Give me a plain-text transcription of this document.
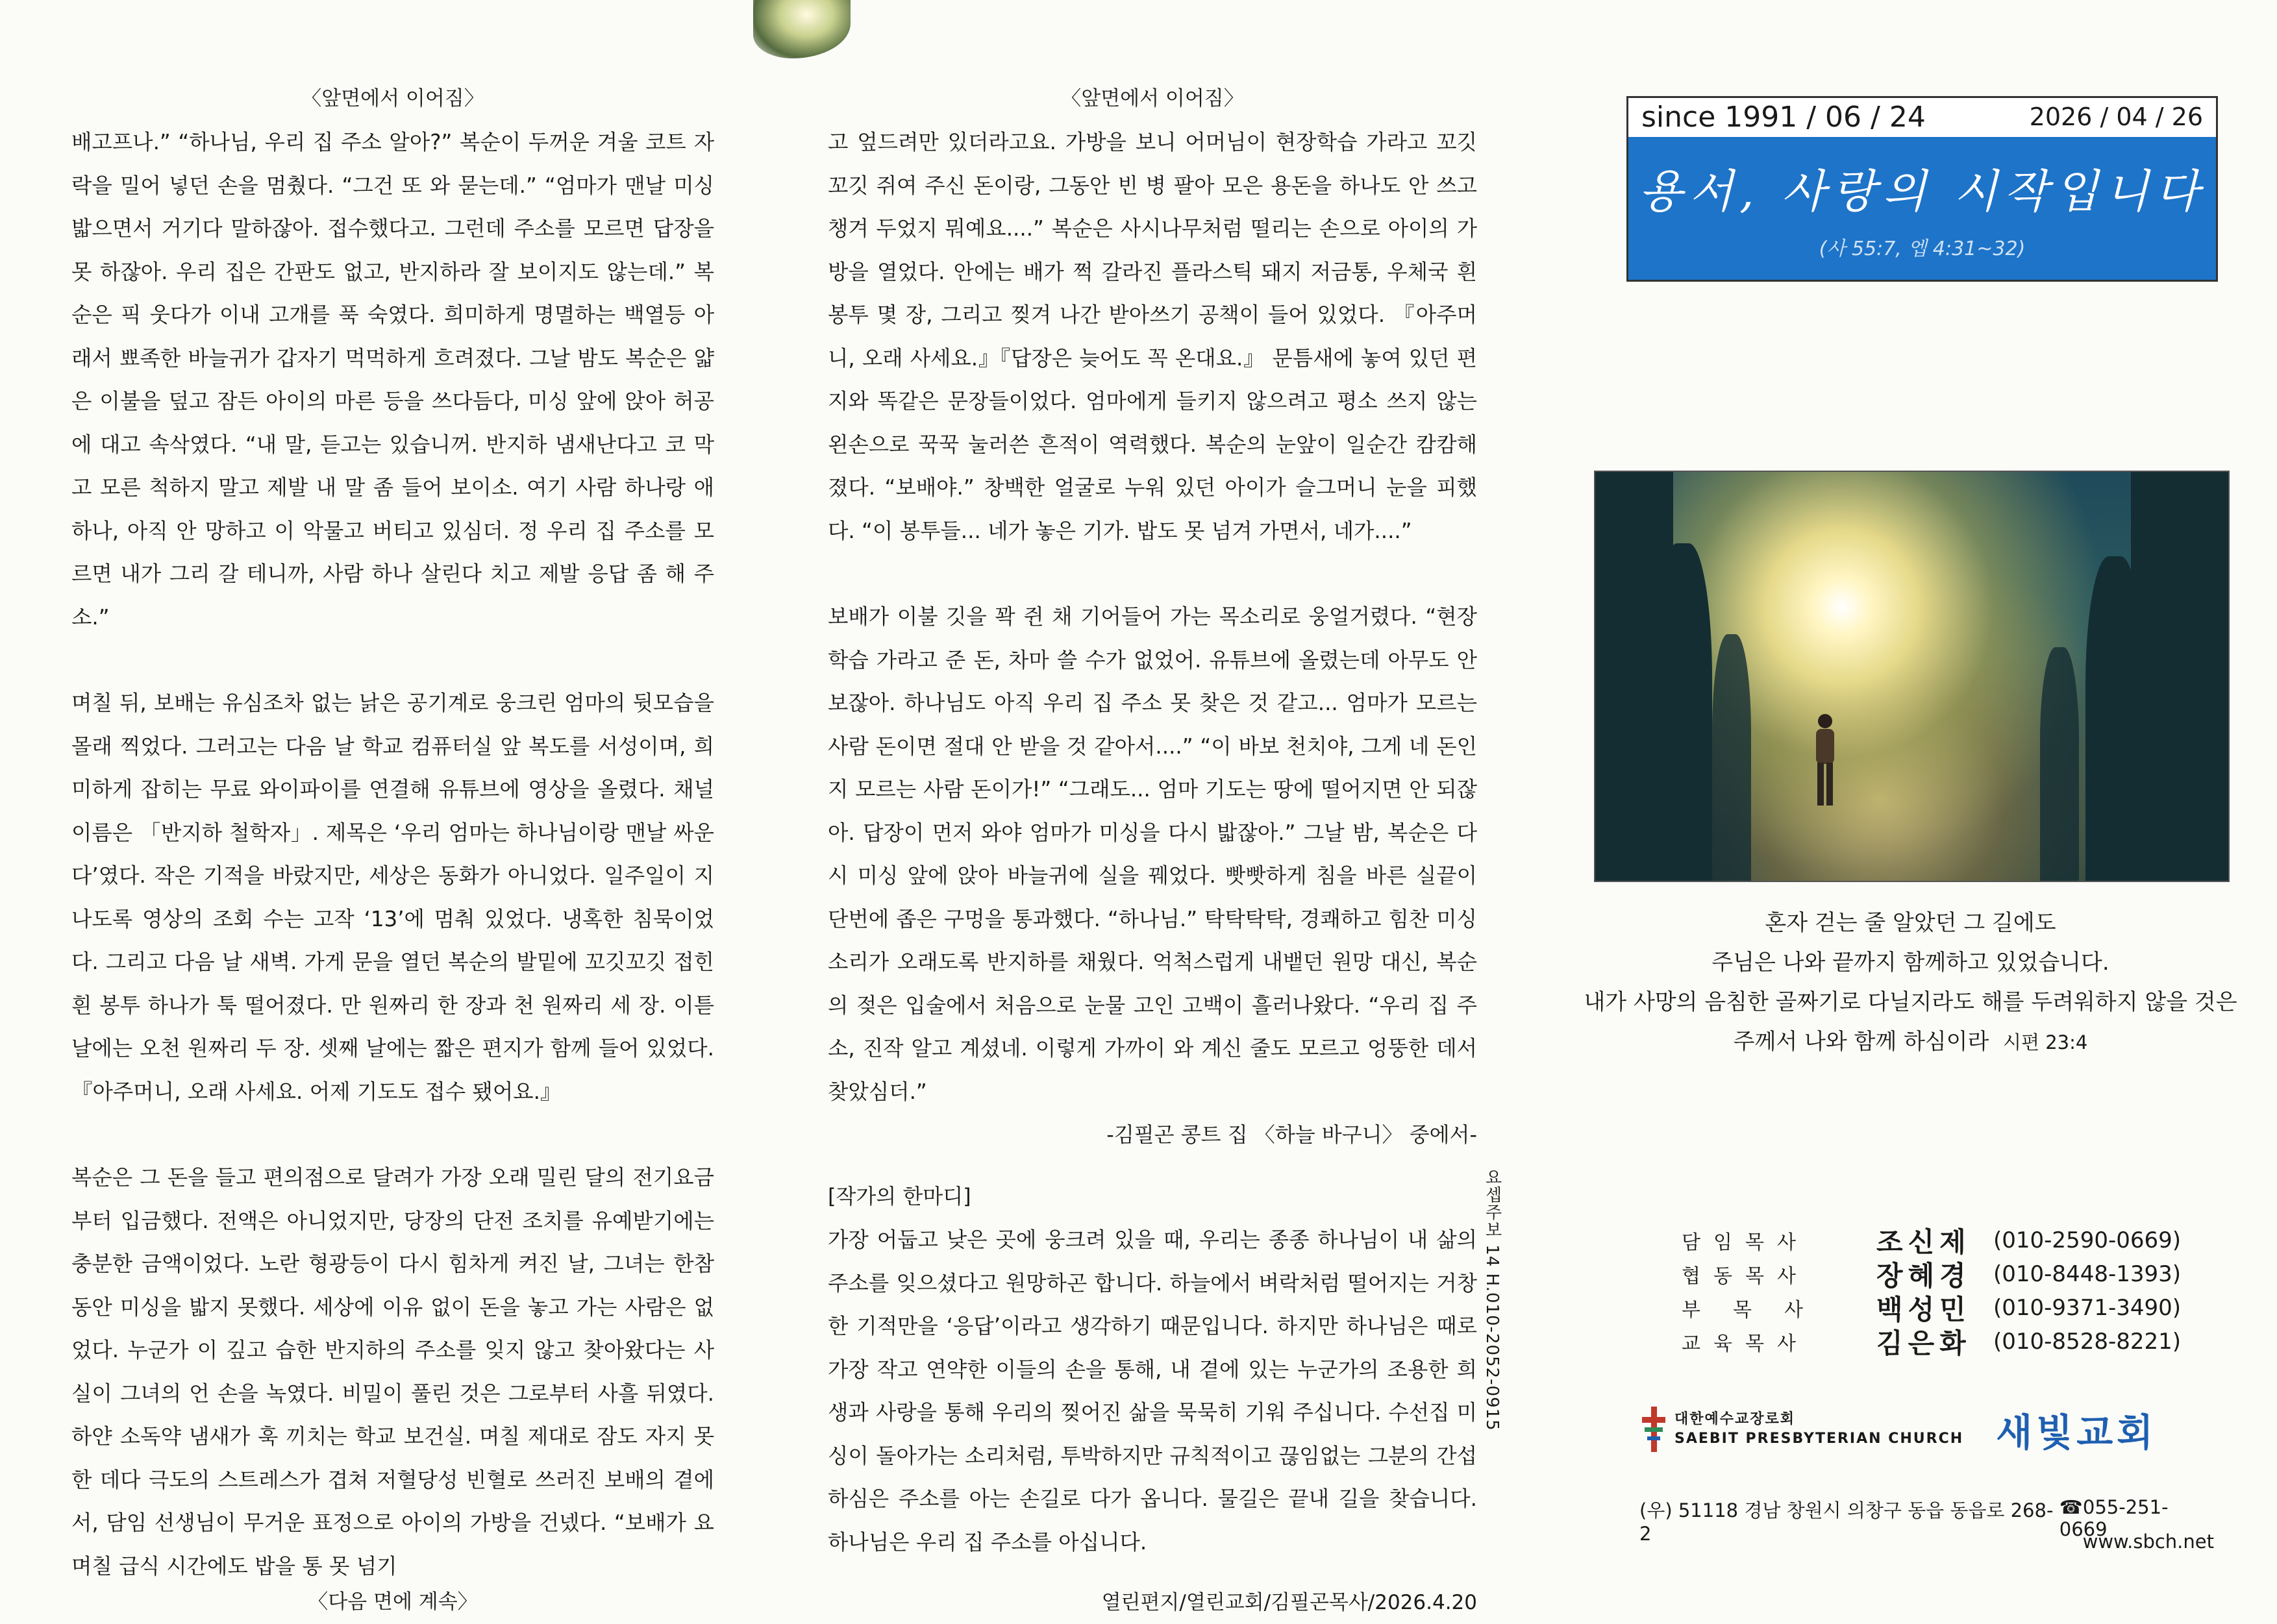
〈앞면에서 이어짐〉

배고프나.” “하나님, 우리 집 주소 알아?” 복순이 두꺼운 겨울 코트 자락을 밀어 넣던 손을 멈췄다. “그건 또 와 묻는데.” “엄마가 맨날 미싱 밟으면서 거기다 말하잖아. 접수했다고. 그런데 주소를 모르면 답장을 못 하잖아. 우리 집은 간판도 없고, 반지하라 잘 보이지도 않는데.” 복순은 픽 웃다가 이내 고개를 푹 숙였다. 희미하게 명멸하는 백열등 아래서 뾰족한 바늘귀가 갑자기 먹먹하게 흐려졌다. 그날 밤도 복순은 얇은 이불을 덮고 잠든 아이의 마른 등을 쓰다듬다, 미싱 앞에 앉아 허공에 대고 속삭였다. “내 말, 듣고는 있습니꺼. 반지하 냄새난다고 코 막고 모른 척하지 말고 제발 내 말 좀 들어 보이소. 여기 사람 하나랑 애 하나, 아직 안 망하고 이 악물고 버티고 있심더. 정 우리 집 주소를 모르면 내가 그리 갈 테니까, 사람 하나 살린다 치고 제발 응답 좀 해 주소.”

며칠 뒤, 보배는 유심조차 없는 낡은 공기계로 웅크린 엄마의 뒷모습을 몰래 찍었다. 그러고는 다음 날 학교 컴퓨터실 앞 복도를 서성이며, 희미하게 잡히는 무료 와이파이를 연결해 유튜브에 영상을 올렸다. 채널 이름은 「반지하 철학자」. 제목은 ‘우리 엄마는 하나님이랑 맨날 싸운다’였다. 작은 기적을 바랐지만, 세상은 동화가 아니었다. 일주일이 지나도록 영상의 조회 수는 고작 ‘13’에 멈춰 있었다. 냉혹한 침묵이었다. 그리고 다음 날 새벽. 가게 문을 열던 복순의 발밑에 꼬깃꼬깃 접힌 흰 봉투 하나가 툭 떨어졌다. 만 원짜리 한 장과 천 원짜리 세 장. 이튿날에는 오천 원짜리 두 장. 셋째 날에는 짧은 편지가 함께 들어 있었다. 『아주머니, 오래 사세요. 어제 기도도 접수 됐어요.』

복순은 그 돈을 들고 편의점으로 달려가 가장 오래 밀린 달의 전기요금부터 입금했다. 전액은 아니었지만, 당장의 단전 조치를 유예받기에는 충분한 금액이었다. 노란 형광등이 다시 힘차게 켜진 날, 그녀는 한참 동안 미싱을 밟지 못했다. 세상에 이유 없이 돈을 놓고 가는 사람은 없었다. 누군가 이 깊고 습한 반지하의 주소를 잊지 않고 찾아왔다는 사실이 그녀의 언 손을 녹였다. 비밀이 풀린 것은 그로부터 사흘 뒤였다. 하얀 소독약 냄새가 훅 끼치는 학교 보건실. 며칠 제대로 잠도 자지 못한 데다 극도의 스트레스가 겹쳐 저혈당성 빈혈로 쓰러진 보배의 곁에서, 담임 선생님이 무거운 표정으로 아이의 가방을 건넸다. “보배가 요 며칠 급식 시간에도 밥을 통 못 넘기

〈다음 면에 계속〉
〈앞면에서 이어짐〉

고 엎드려만 있더라고요. 가방을 보니 어머님이 현장학습 가라고 꼬깃꼬깃 쥐여 주신 돈이랑, 그동안 빈 병 팔아 모은 용돈을 하나도 안 쓰고 챙겨 두었지 뭐예요....” 복순은 사시나무처럼 떨리는 손으로 아이의 가방을 열었다. 안에는 배가 쩍 갈라진 플라스틱 돼지 저금통, 우체국 흰 봉투 몇 장, 그리고 찢겨 나간 받아쓰기 공책이 들어 있었다. 『아주머니, 오래 사세요.』『답장은 늦어도 꼭 온대요.』 문틈새에 놓여 있던 편지와 똑같은 문장들이었다. 엄마에게 들키지 않으려고 평소 쓰지 않는 왼손으로 꾹꾹 눌러쓴 흔적이 역력했다. 복순의 눈앞이 일순간 캄캄해졌다. “보배야.” 창백한 얼굴로 누워 있던 아이가 슬그머니 눈을 피했다. “이 봉투들... 네가 놓은 기가. 밥도 못 넘겨 가면서, 네가....”

보배가 이불 깃을 꽉 쥔 채 기어들어 가는 목소리로 웅얼거렸다. “현장학습 가라고 준 돈, 차마 쓸 수가 없었어. 유튜브에 올렸는데 아무도 안 보잖아. 하나님도 아직 우리 집 주소 못 찾은 것 같고... 엄마가 모르는 사람 돈이면 절대 안 받을 것 같아서....” “이 바보 천치야, 그게 네 돈인지 모르는 사람 돈이가!” “그래도... 엄마 기도는 땅에 떨어지면 안 되잖아. 답장이 먼저 와야 엄마가 미싱을 다시 밟잖아.” 그날 밤, 복순은 다시 미싱 앞에 앉아 바늘귀에 실을 꿰었다. 빳빳하게 침을 바른 실끝이 단번에 좁은 구멍을 통과했다. “하나님.” 탁탁탁탁, 경쾌하고 힘찬 미싱 소리가 오래도록 반지하를 채웠다. 억척스럽게 내뱉던 원망 대신, 복순의 젖은 입술에서 처음으로 눈물 고인 고백이 흘러나왔다. “우리 집 주소, 진작 알고 계셨네. 이렇게 가까이 와 계신 줄도 모르고 엉뚱한 데서 찾았심더.”

-김필곤 콩트 집 〈하늘 바구니〉 중에서-
[작가의 한마디]

가장 어둡고 낮은 곳에 웅크려 있을 때, 우리는 종종 하나님이 내 삶의 주소를 잊으셨다고 원망하곤 합니다. 하늘에서 벼락처럼 떨어지는 거창한 기적만을 ‘응답’이라고 생각하기 때문입니다. 하지만 하나님은 때로 가장 작고 연약한 이들의 손을 통해, 내 곁에 있는 누군가의 조용한 희생과 사랑을 통해 우리의 찢어진 삶을 묵묵히 기워 주십니다. 수선집 미싱이 돌아가는 소리처럼, 투박하지만 규칙적이고 끊임없는 그분의 간섭하심은 주소를 아는 손길로 다가 옵니다. 물길은 끝내 길을 찾습니다. 하나님은 우리 집 주소를 아십니다.

열린편지/열린교회/김필곤목사/2026.4.20
요셉주보 14 H.010-2052-0915
since 1991 / 06 / 24	2026 / 04 / 26
용서, 사랑의 시작입니다
(사 55:7, 엡 4:31~32)
혼자 걷는 줄 알았던 그 길에도
주님은 나와 끝까지 함께하고 있었습니다.
내가 사망의 음침한 골짜기로 다닐지라도 해를 두려워하지 않을 것은
주께서 나와 함께 하심이라 시편 23:4
담임목사	조신제	(010-2590-0669)
협동목사	장혜경	(010-8448-1393)
부목사	백성민	(010-9371-3490)
교육목사	김은화	(010-8528-8221)
대한예수교장로회
SAEBIT PRESBYTERIAN CHURCH 새빛교회
(우) 51118 경남 창원시 의창구 동읍 동읍로 268-2
☎055-251-0669
www.sbch.net
